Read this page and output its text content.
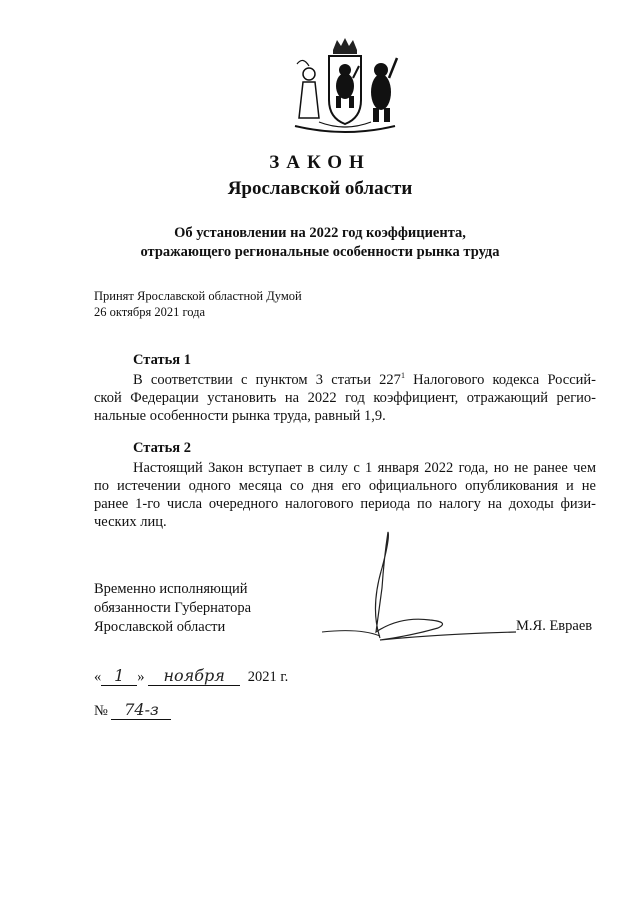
ЗАКОН
Ярославской области
Об установлении на 2022 год коэффициента,
отражающего региональные особенности рынка труда
Принят Ярославской областной Думой
26 октября 2021 года
Статья 1
В соответствии с пунктом 3 статьи $227^1$ Налогового кодекса Россий-
ской Федерации установить на 2022 год коэффициент, отражающий регио-
нальные особенности рынка труда, равный 1,9.
Статья 2
Настоящий Закон вступает в силу с 1 января 2022 года, но не ранее чем
по истечении одного месяца со дня его официального опубликования и не
ранее 1-го числа очередного налогового периода по налогу на доходы физи-
ческих лиц.
Временно исполняющий
обязанности Губернатора
Ярославской области	М.Я. Евраев
« 1 » ноября 2021 г.
№ 74-з
